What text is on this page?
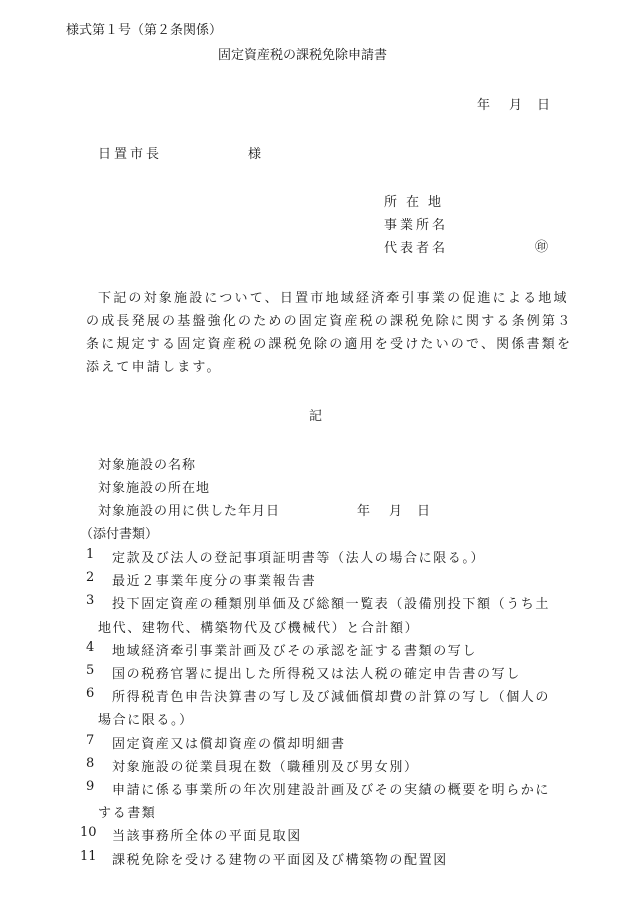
様式第１号（第２条関係）
固定資産税の課税免除申請書
年 月 日
日置市長	様
所在地
事業所名
代表者名	㊞
下記の対象施設について、日置市地域経済牽引事業の促進による地域
の成長発展の基盤強化のための固定資産税の課税免除に関する条例第３
条に規定する固定資産税の課税免除の適用を受けたいので、関係書類を
添えて申請します。
記
対象施設の名称
対象施設の所在地
対象施設の用に供した年月日	年 月 日
（添付書類）
1 定款及び法人の登記事項証明書等（法人の場合に限る。）
2 最近２事業年度分の事業報告書
3 投下固定資産の種類別単価及び総額一覧表（設備別投下額（うち土
地代、建物代、構築物代及び機械代）と合計額）
4 地域経済牽引事業計画及びその承認を証する書類の写し
5 国の税務官署に提出した所得税又は法人税の確定申告書の写し
6 所得税青色申告決算書の写し及び減価償却費の計算の写し（個人の
場合に限る。）
7 固定資産又は償却資産の償却明細書
8 対象施設の従業員現在数（職種別及び男女別）
9 申請に係る事業所の年次別建設計画及びその実績の概要を明らかに
する書類
10 当該事務所全体の平面見取図
11 課税免除を受ける建物の平面図及び構築物の配置図
